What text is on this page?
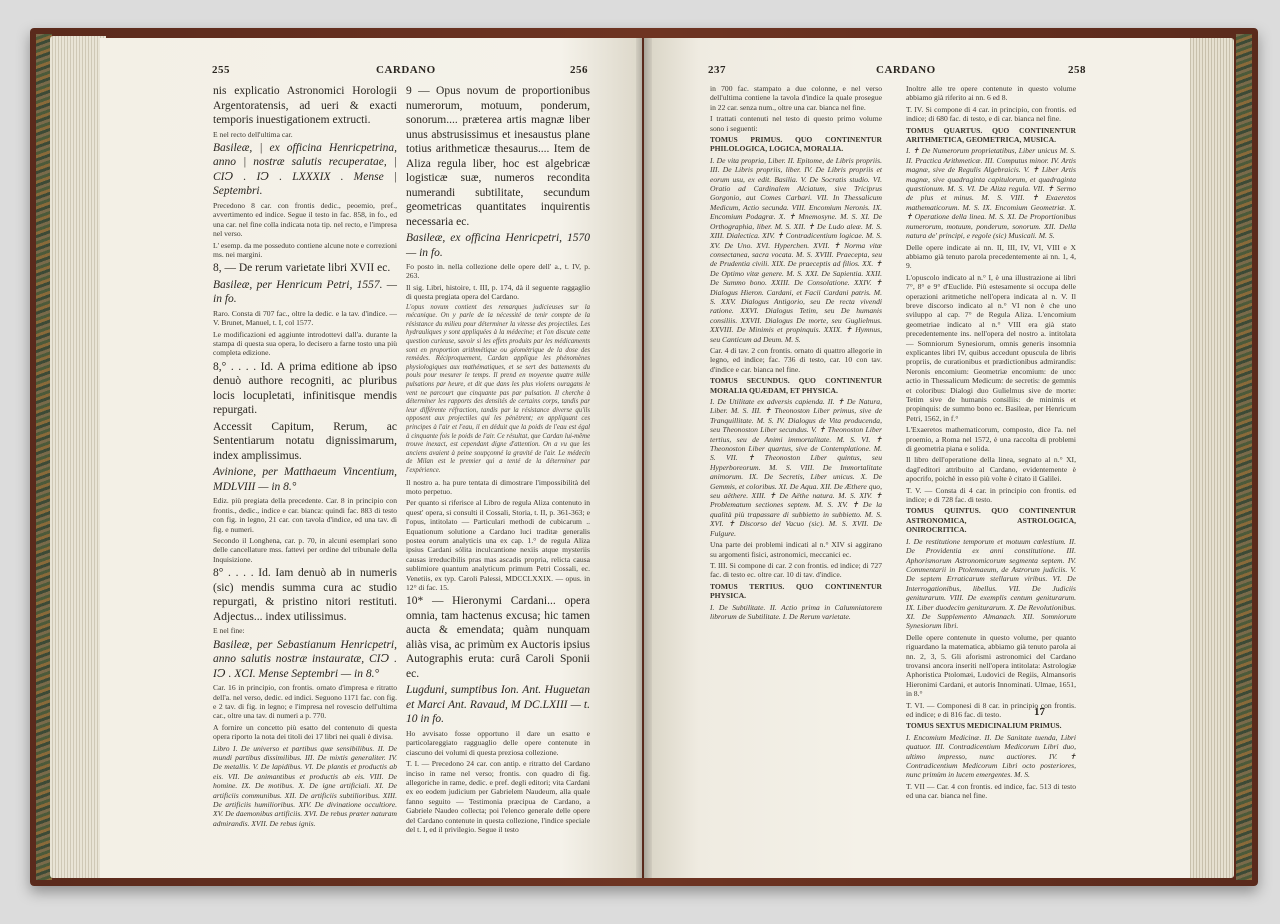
255	CARDANO	256	237	CARDANO	258

nis explicatio Astronomici Horologii Argentoratensis, ad ueri & exacti temporis inuestigationem extructi.

E nel recto dell'ultima car.

Basileæ, | ex officina Henricpetrina, anno | nostræ salutis recuperatae, | CIↃ . IↃ . LXXXIX . Mense | Septembri.

Precedono 8 car. con frontis dedic., peoemio, pref., avvertimento ed indice. Segue il testo in fac. 858, in fo., ed una car. nel fine colla indicata nota tip. nel recto, e l'impresa nel verso.

L' esemp. da me posseduto contiene alcune note e correzioni ms. nei margini.

8, — De rerum varietate libri XVII ec.

Basileæ, per Henricum Petri, 1557. — in fo.

Raro. Consta di 707 fac., oltre la dedic. e la tav. d'indice. — V. Brunet, Manuel, t. I, col 1577.

Le modificazioni ed aggiunte introdottevi dall'a. durante la stampa di questa sua opera, lo decisero a farne tosto una più completa edizione.

8,° . . . . Id. A prima editione ab ipso denuò authore recogniti, ac pluribus locis locupletati, infinitisque mendis repurgati.

Accessit Capitum, Rerum, ac Sententiarum notatu dignissimarum, index amplissimus.

Avinione, per Matthaeum Vincentium, MDLVIII — in 8.°

Ediz. più pregiata della precedente. Car. 8 in principio con frontis., dedic., indice e car. bianca: quindi fac. 883 di testo con fig. in legno, 21 car. con tavola d'indice, ed una tav. di fig. e numeri.

Secondo il Longhena, car. p. 70, in alcuni esemplari sono delle cancellature mss. fattevi per ordine del tribunale della Inquisizione.

8° . . . . Id. Iam denuò ab in numeris (sic) mendis summa cura ac studio repurgati, & pristino nitori restituti. Adjectus... index utilissimus.

E nel fine:

Basileæ, per Sebastianum Henricpetri, anno salutis nostræ instauratæ, CIↃ . IↃ . XCI. Mense Septembri — in 8.°

Car. 16 in principio, con frontis. ornato d'impresa e ritratto dell'a. nel verso, dedic. ed indici. Seguono 1171 fac. con fig. e 2 tav. di fig. in legno; e l'impresa nel rovescio dell'ultima car., oltre una tav. di numeri a p. 770.

A fornire un concetto più esatto del contenuto di questa opera riporto la nota dei titoli dei 17 libri nei quali è divisa.

Libro I. De universo et partibus quæ sensibilibus. II. De mundi partibus dissimilibus. III. De mixtis generaliter. IV. De metallis. V. De lapidibus. VI. De plantis et productis ab eis. VII. De animantibus et productis ab eis. VIII. De homine. IX. De motibus. X. De igne artificiali. XI. De artificiis communibus. XII. De artificiis subtilioribus. XIII. De artificiis humilioribus. XIV. De divinatione occultiore. XV. De daemonibus artificiis. XVI. De rebus præter naturam admirandis. XVII. De rebus ignis.

9 — Opus novum de proportionibus numerorum, motuum, ponderum, sonorum.... præterea artis magnæ liber unus abstrusissimus et inesaustus plane totius arithmeticæ thesaurus.... Item de Aliza regula liber, hoc est algebricæ logisticæ suæ, numeros recondita numerandi subtilitate, secundum geometricas quantitates inquirentis necessaria ec.

Basileæ, ex officina Henricpetri, 1570 — in fo.

Fo posto in. nella collezione delle opere dell' a., t. IV, p. 263.

Il sig. Libri, histoire, t. III, p. 174, dà il seguente raggaglio di questa pregiata opera del Cardano.

L'opus novum contient des remarques judicieuses sur la mécanique. On y parle de la nécessité de tenir compte de la résistance du milieu pour déterminer la vitesse des projectiles. Les hydrauliques y sont appliquées à la médecine; et l'on discute cette question curieuse, savoir si les effets produits par les médicaments sont en proportion arithmétique ou géométrique de la dose des remèdes. Réciproquement, Cardan applique les phénomènes physiologiques aux mathématiques, et se sert des battements du pouls pour mesurer le temps. Il prend en moyenne quatre mille pulsations par heure, et dit que dans les plus violens ouragans le vent ne parcourt que cinquante pas par pulsation. Il cherche à déterminer les rapports des densités de certains corps, tandis par leur différente réfraction, tandis par la résistance diverse qu'ils opposent aux projectiles qui les pénètrent; en appliquant ces principes à l'air et l'eau, il en déduit que la poids de l'eau est égal à cinquante fois le poids de l'air. Ce résultat, que Cardan lui-même trouve inexact, est cependant digne d'attention. On a vu que les anciens avaient à peine soupçonné la gravité de l'air. Le médecin de Milan est le premier qui a tenté de la déterminer par l'expérience.

Il nostro a. ha pure tentata di dimostrare l'impossibilità del moto perpetuo.

Per quanto si riferisce al Libro de regula Aliza contenuto in quest' opera, si consulti il Cossali, Storia, t. II, p. 361-363; e l'opus, intitolato — Particulari methodi de cubicarum .. Equationum solutione a Cardano luci traditæ generalis postea eorum analyticis una ex cap. 1.° de regula Aliza ipsius Cardani sólita inculcantione nexiis atque mysteriis causas irreducibilis pras mas ascadis propria, relicta causa sublimiore quantum analyticum primum Petri Cossali, ec. Venetiis, ex typ. Caroli Palessi, MDCCLXXIX. — opus. in 12° di fac. 15.

10* — Hieronymi Cardani... opera omnia, tam hactenus excusa; hic tamen aucta & emendata; quàm nunquam aliàs visa, ac primùm ex Auctoris ipsius Autographis eruta: curâ Caroli Sponii ec.

Lugduni, sumptibus Ion. Ant. Huguetan et Marci Ant. Ravaud, M DC.LXIII — t. 10 in fo.

Ho avvisato fosse opportuno il dare un esatto e particolareggiato ragguaglio delle opere contenute in ciascuno dei volumi di questa preziosa collezione.

T. I. — Precedono 24 car. con antip. e ritratto del Cardano inciso in rame nel verso; frontis. con quadro di fig. allegoriche in rame, dedic. e pref. degli editori; vita Cardani ex eo eodem judicium per Gabrielem Naudeum, alla quale fanno seguito — Testimonia præcipua de Cardano, a Gabriele Naudeo collecta; poi l'elenco generale delle opere del Cardano contenute in questa collezione, l'indice speciale del t. I, ed il privilegio. Segue il testo

in 700 fac. stampato a due colonne, e nel verso dell'ultima contiene la tavola d'indice la quale prosegue in 22 car. senza num., oltre una car. bianca nel fine.

I trattati contenuti nel testo di questo primo volume sono i seguenti:

TOMUS PRIMUS. QUO CONTINENTUR PHILOLOGICA, LOGICA, MORALIA.

I. De vita propria, Liber. II. Epitome, de Libris propriis. III. De Libris propriis, liber. IV. De Libris propriis et eorum usu, ex edit. Basilia. V. De Socratis studio. VI. Oratio ad Cardinalem Alciatum, sive Triciprus Gorgonio, aut Comes Carbari. VII. In Thessalicum Medicum, Actio secunda. VIII. Encomium Neronis. IX. Encomium Podagræ. X. ✝ Mnemosyne. M. S. XI. De Orthographia, liber. M. S. XII. ✝ De Ludo aleæ. M. S. XIII. Dialectica. XIV. ✝ Contradicentium logicae. M. S. XV. De Uno. XVI. Hyperchen. XVII. ✝ Norma vitæ consectanea, sacra vocata. M. S. XVIII. Praecepta, seu de Prudentia civili. XIX. De praeceptis ad filios. XX. ✝ De Optimo vitæ genere. M. S. XXI. De Sapientia. XXII. De Summo bono. XXIII. De Consolatione. XXIV. ✝ Dialogus Hieron. Cardani, et Facii Cardani patris. M. S. XXV. Dialogus Antigorio, seu De recta vivendi ratione. XXVI. Dialogus Tetim, seu De humanis consiliis. XXVII. Dialogus De morte, seu Guglielmus. XXVIII. De Minimis et propinquis. XXIX. ✝ Hymnus, seu Canticum ad Deum. M. S.

Car. 4 di tav. 2 con frontis. ornato di quattro allegorie in legno, ed indice; fac. 736 di testo, car. 10 con tav. d'indice e car. bianca nel fine.

TOMUS SECUNDUS. QUO CONTINENTUR MORALIA QUÆDAM, ET PHYSICA.

I. De Utilitate ex adversis capienda. II. ✝ De Natura, Liber. M. S. III. ✝ Theonoston Liber primus, sive de Tranquillitate. M. S. IV. Dialogus de Vita producenda, seu Theonoston Liber secundus. V. ✝ Theonoston Liber tertius, seu de Animi immortalitate. M. S. VI. ✝ Theonoston Liber quartus, sive de Contemplatione. M. S. VII. ✝ Theonoston Liber quintus, seu Hyperboreorum. M. S. VIII. De Immortalitate animorum. IX. De Secretis, Liber unicus. X. De Gemmis, et coloribus. XI. De Aqua. XII. De Æthere quo, seu aëthere. XIII. ✝ De Aëthe natura. M. S. XIV. ✝ Problematum sectiones septem. M. S. XV. ✝ De la qualità più trapassare di subbietto in subbietto. M. S. XVI. ✝ Discorso del Vacuo (sic). M. S. XVII. De Fulgure.

Una parte dei problemi indicati al n.° XIV si aggirano su argomenti fisici, astronomici, meccanici ec.

T. III. Si compone di car. 2 con frontis. ed indice; di 727 fac. di testo ec. oltre car. 10 di tav. d'indice.

TOMUS TERTIUS. QUO CONTINENTUR PHYSICA.

I. De Subtilitate. II. Actio prima in Calumniatorem librorum de Subtilitate. I. De Rerum varietate.

Inoltre alle tre opere contenute in questo volume abbiamo già riferito ai nn. 6 ed 8.

T. IV. Si compone di 4 car. in principio, con frontis. ed indice; di 680 fac. di testo, e di car. bianca nel fine.

TOMUS QUARTUS. QUO CONTINENTUR ARITHMETICA, GEOMETRICA, MUSICA.

I. ✝ De Numerorum proprietatibus, Liber unicus M. S. II. Practica Arithmeticæ. III. Computus minor. IV. Artis magnæ, sive de Regulis Algebraicis. V. ✝ Liber Artis magnæ, sive quadraginta capitulorum, et quadraginta quæstionum. M. S. VI. De Aliza regula. VII. ✝ Sermo de plus et minus. M. S. VIII. ✝ Exaeretos mathematicorum. M. S. IX. Encomium Geometriæ. X. ✝ Operatione della linea. M. S. XI. De Proportionibus numerorum, motuum, ponderum, sonorum. XII. Della natura de' principi, e regole (sic) Musicali. M. S.

Delle opere indicate ai nn. II, III, IV, VI, VIII e X abbiamo già tenuto parola precedentemente ai nn. 1, 4, 9.

L'opuscolo indicato al n.° I, è una illustrazione ai libri 7°, 8° e 9° d'Euclide. Più estesamente si occupa delle operazioni aritmetiche nell'opera indicata al n. V. Il breve discorso indicato al n.° VI non è che uno sviluppo al cap. 7° de Regula Aliza. L'encomium geometriae indicato al n.° VIII era già stato precedentemente ins. nell'opera del nostro a. intitolata — Somniorum Synesiorum, omnis generis insomnia explicantes libri IV, quibus accedunt opuscula de libris propriis, de curationibus et prædictionibus admirandis: Neronis encomium: Geometriæ encomium: de uno: actio in Thessalicum Medicum: de secretis: de gemmis et coloribus: Dialogi duo Gulielmus sive de morte: Tetim sive de humanis consiliis: de minimis et propinquis: de summo bono ec. Basileæ, per Henricum Petri, 1562, in f.°

L'Exaeretos mathematicorum, composto, dice l'a. nel proemio, a Roma nel 1572, è una raccolta di problemi di geometria piana e solida.

Il libro dell'operatione della linea, segnato al n.° XI, dagl'editori attribuito al Cardano, evidentemente è apocrifo, poichè in esso più volte è citato il Galilei.

T. V. — Consta di 4 car. in principio con frontis. ed indice; e di 728 fac. di testo.

TOMUS QUINTUS. QUO CONTINENTUR ASTRONOMICA, ASTROLOGICA, ONIROCRITICA.

I. De restitutione temporum et motuum cœlestium. II. De Providentia ex anni constitutione. III. Aphorismorum Astronomicorum segmenta septem. IV. Commentarii in Ptolemaeum, de Astrorum judiciis. V. De septem Erraticarum stellarum viribus. VI. De Interrogationibus, libellus. VII. De Judiciis geniturarum. VIII. De exemplis centum geniturarum. IX. Liber duodecim geniturarum. X. De Revolutionibus. XI. De Supplemento Almanach. XII. Somniorum Synesiorum libri.

Delle opere contenute in questo volume, per quanto riguardano la matematica, abbiamo già tenuto parola ai nn. 2, 3, 5. Gli aforismi astronomici del Cardano trovansi ancora inseriti nell'opera intitolata: Astrologiæ Aphoristica Ptolomæi, Ludovici de Regiis, Almansoris Hieronimi Cardani, et autoris Innominati. Ulmae, 1651, in 8.°

T. VI. — Componesi di 8 car. in principio con frontis. ed indice; e di 816 fac. di testo.

TOMUS SEXTUS MEDICINALIUM PRIMUS.

I. Encomium Medicinæ. II. De Sanitate tuenda, Libri quatuor. III. Contradicentium Medicorum Libri duo, ultimo impresso, nunc auctiores. IV. ✝ Contradicentium Medicorum Libri octo posteriores, nunc primùm in lucem emergentes. M. S.

T. VII — Car. 4 con frontis. ed indice, fac. 513 di testo ed una car. bianca nel fine.

17
